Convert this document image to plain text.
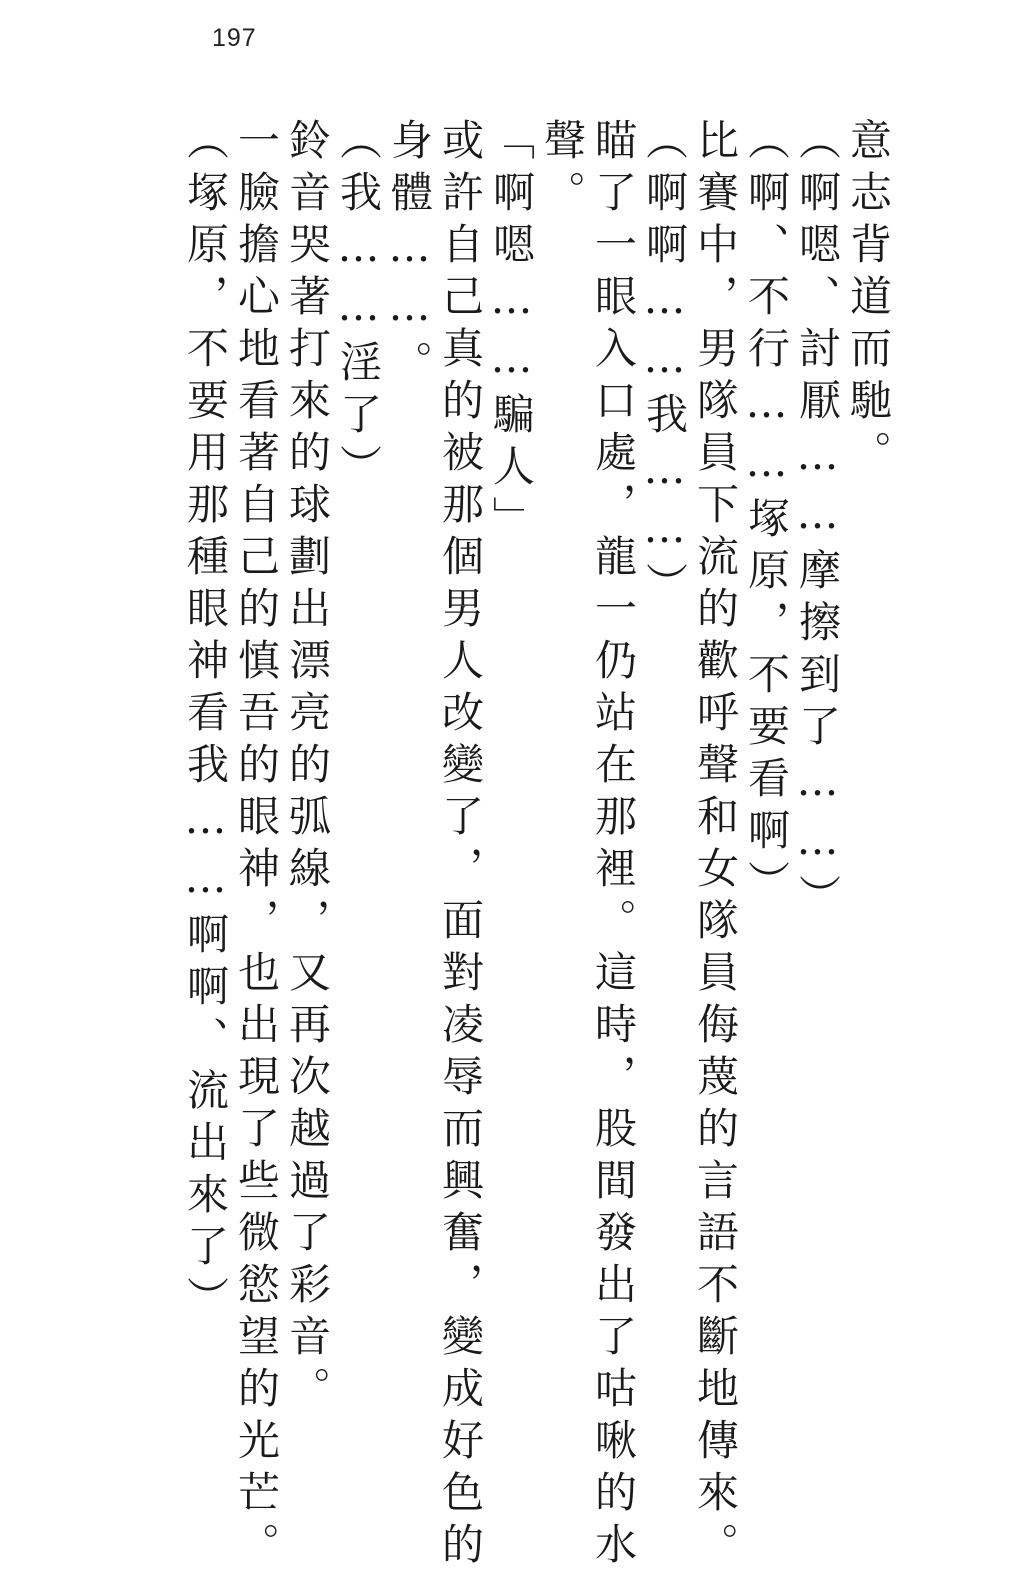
197
意志背道而馳。
（啊嗯、討厭……摩擦到了……）
（啊、不行……塚原，不要看啊）
比賽中，男隊員下流的歡呼聲和女隊員侮蔑的言語不斷地傳來。
（啊啊……我……）
瞄了一眼入口處，龍一仍站在那裡。這時，股間發出了咕啾的水
聲。
「啊嗯……騙人」
或許自己真的被那個男人改變了，面對凌辱而興奮，變成好色的
身體……。
（我……淫了）
鈴音哭著打來的球劃出漂亮的弧線，又再次越過了彩音。
一臉擔心地看著自己的慎吾的眼神，也出現了些微慾望的光芒。
（塚原，不要用那種眼神看我……啊啊、流出來了）
